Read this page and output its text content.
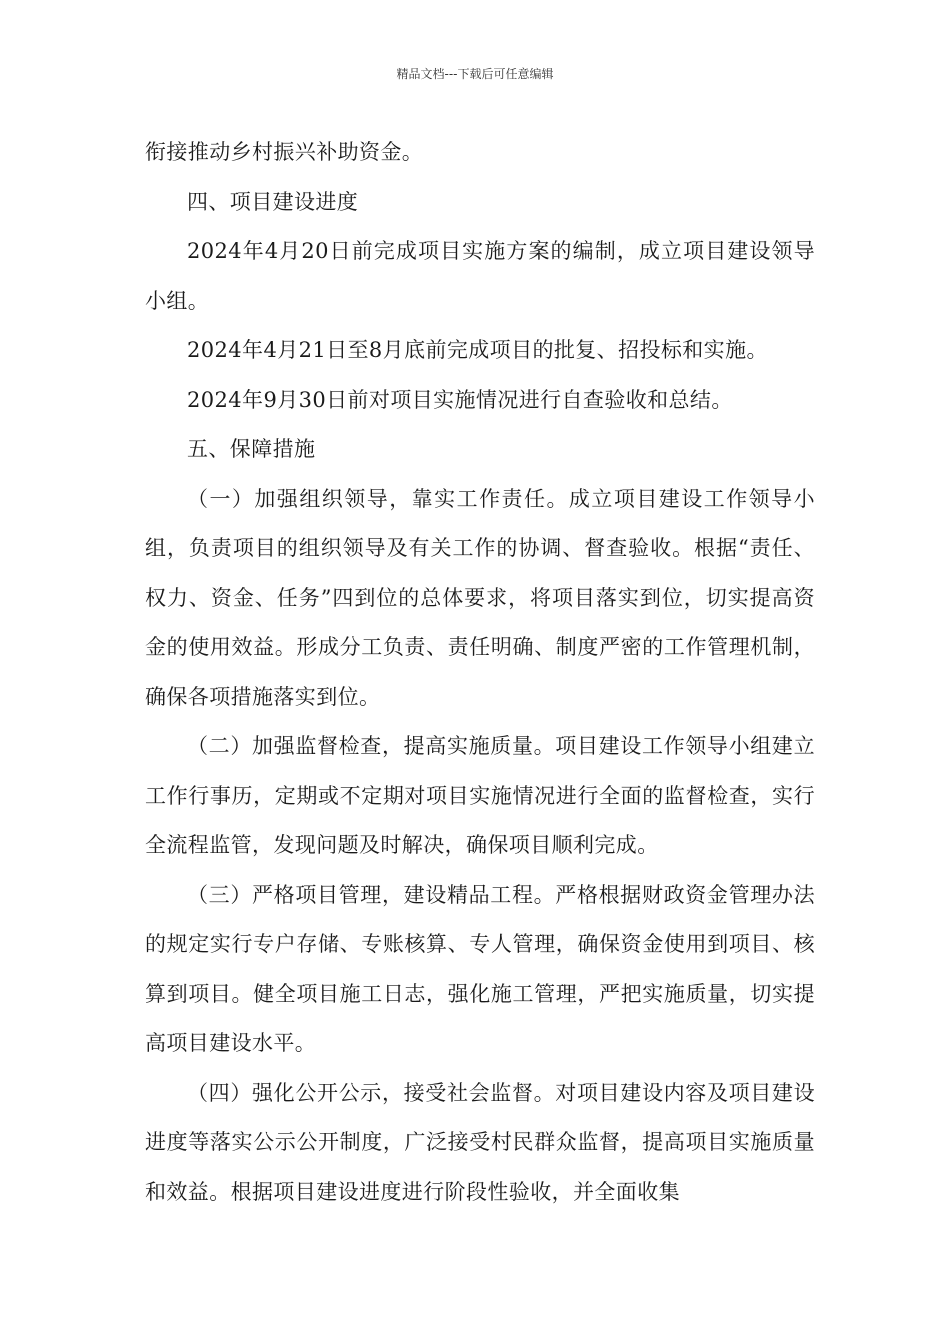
精品文档---下载后可任意编辑

衔接推动乡村振兴补助资金。

四、项目建设进度

2024年4月20日前完成项目实施方案的编制，成立项目建设领导小组。

2024年4月21日至8月底前完成项目的批复、招投标和实施。

2024年9月30日前对项目实施情况进行自查验收和总结。

五、保障措施

（一）加强组织领导，靠实工作责任。成立项目建设工作领导小组，负责项目的组织领导及有关工作的协调、督查验收。根据“责任、权力、资金、任务”四到位的总体要求，将项目落实到位，切实提高资金的使用效益。形成分工负责、责任明确、制度严密的工作管理机制，确保各项措施落实到位。

（二）加强监督检查，提高实施质量。项目建设工作领导小组建立工作行事历，定期或不定期对项目实施情况进行全面的监督检查，实行全流程监管，发现问题及时解决，确保项目顺利完成。

（三）严格项目管理，建设精品工程。严格根据财政资金管理办法的规定实行专户存储、专账核算、专人管理，确保资金使用到项目、核算到项目。健全项目施工日志，强化施工管理，严把实施质量，切实提高项目建设水平。

（四）强化公开公示，接受社会监督。对项目建设内容及项目建设进度等落实公示公开制度，广泛接受村民群众监督，提高项目实施质量和效益。根据项目建设进度进行阶段性验收，并全面收集
